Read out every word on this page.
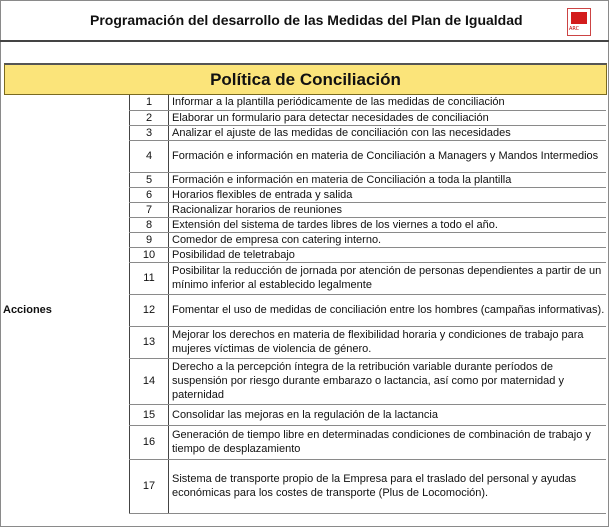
Programación del desarrollo de las Medidas del Plan de Igualdad
ARC
Política de Conciliación
Acciones
1	Informar a la plantilla periódicamente de las medidas de conciliación
2	Elaborar un formulario para detectar necesidades de conciliación
3	Analizar el ajuste de las medidas de conciliación con las necesidades
4	Formación e información en materia de Conciliación a Managers y Mandos Intermedios
5	Formación e información en materia de Conciliación a toda la plantilla
6	Horarios flexibles de entrada y salida
7	Racionalizar horarios de reuniones
8	Extensión del sistema de tardes libres de los viernes a todo el año.
9	Comedor de empresa con catering interno.
10	Posibilidad de teletrabajo
11	Posibilitar la reducción de jornada por atención de personas dependientes a partir de un mínimo inferior al establecido legalmente
12	Fomentar el uso de medidas de conciliación entre los hombres (campañas informativas).
13	Mejorar los derechos en materia de flexibilidad horaria y condiciones de trabajo para mujeres víctimas de violencia de género.
14	Derecho a la percepción íntegra de la retribución variable durante períodos de suspensión por riesgo durante embarazo o lactancia, así como por maternidad y paternidad
15	Consolidar las mejoras en la regulación de la lactancia
16	Generación de tiempo libre en determinadas condiciones de combinación de trabajo y tiempo de desplazamiento
17	Sistema de transporte propio de la Empresa para el traslado del personal y ayudas económicas para los costes de transporte (Plus de Locomoción).
